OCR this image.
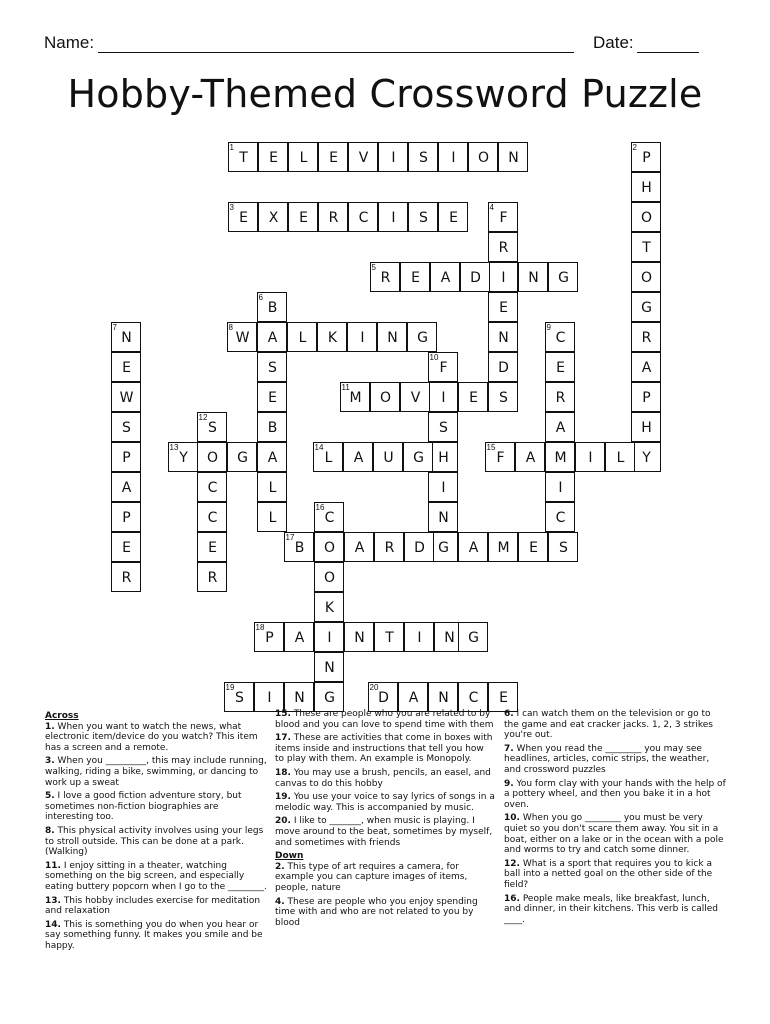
Name:	Date:
Hobby-Themed Crossword Puzzle
1
T	E	L	E	V	I	S	I	O	N
2
P
H
O
T
O
G
R
A
P
H
Y
3
E	X	E	R	C	I	S	E
4
F
R
I
E
N
D
S
5
R	E	A	D	N	G
6
B
S
E
B
A
L
L
7
N
E
W
S
P
A
P
E
R
8
W	A	L	K	I	N	G
9
C
E
R
A
I
C
10
F
I
S
H
I
N
G
11
M	O	V	E
12
S
13
Y	O	G
C
C
E
R
14
L	A	U	G
15
F	A	M	I	L
16
C
17
B	O	A	R	D	A	M	E	S
O
K
I
N
G
18
P	A	N	T	I	N G
19
S	I	N
20
D	A	N	C	E
Across
1. When you want to watch the news, what electronic item/device do you watch? This item has a screen and a remote.
3. When you _________, this may include running, walking, riding a bike, swimming, or dancing to work up a sweat
5. I love a good fiction adventure story, but sometimes non-fiction biographies are interesting too.
8. This physical activity involves using your legs to stroll outside. This can be done at a park. (Walking)
11. I enjoy sitting in a theater, watching something on the big screen, and especially eating buttery popcorn when I go to the ________.
13. This hobby includes exercise for meditation and relaxation
14. This is something you do when you hear or say something funny. It makes you smile and be happy.
15. These are people who you are related to by blood and you can love to spend time with them
17. These are activities that come in boxes with items inside and instructions that tell you how to play with them. An example is Monopoly.
18. You may use a brush, pencils, an easel, and canvas to do this hobby
19. You use your voice to say lyrics of songs in a melodic way. This is accompanied by music.
20. I like to _______, when music is playing. I move around to the beat, sometimes by myself, and sometimes with friends
Down
2. This type of art requires a camera, for example you can capture images of items, people, nature
4. These are people who you enjoy spending time with and who are not related to you by blood
6. I can watch them on the television or go to the game and eat cracker jacks. 1, 2, 3 strikes you're out.
7. When you read the ________ you may see headlines, articles, comic strips, the weather, and crossword puzzles
9. You form clay with your hands with the help of a pottery wheel, and then you bake it in a hot oven.
10. When you go ________ you must be very quiet so you don't scare them away. You sit in a boat, either on a lake or in the ocean with a pole and worms to try and catch some dinner.
12. What is a sport that requires you to kick a ball into a netted goal on the other side of the field?
16. People make meals, like breakfast, lunch, and dinner, in their kitchens. This verb is called ____.
